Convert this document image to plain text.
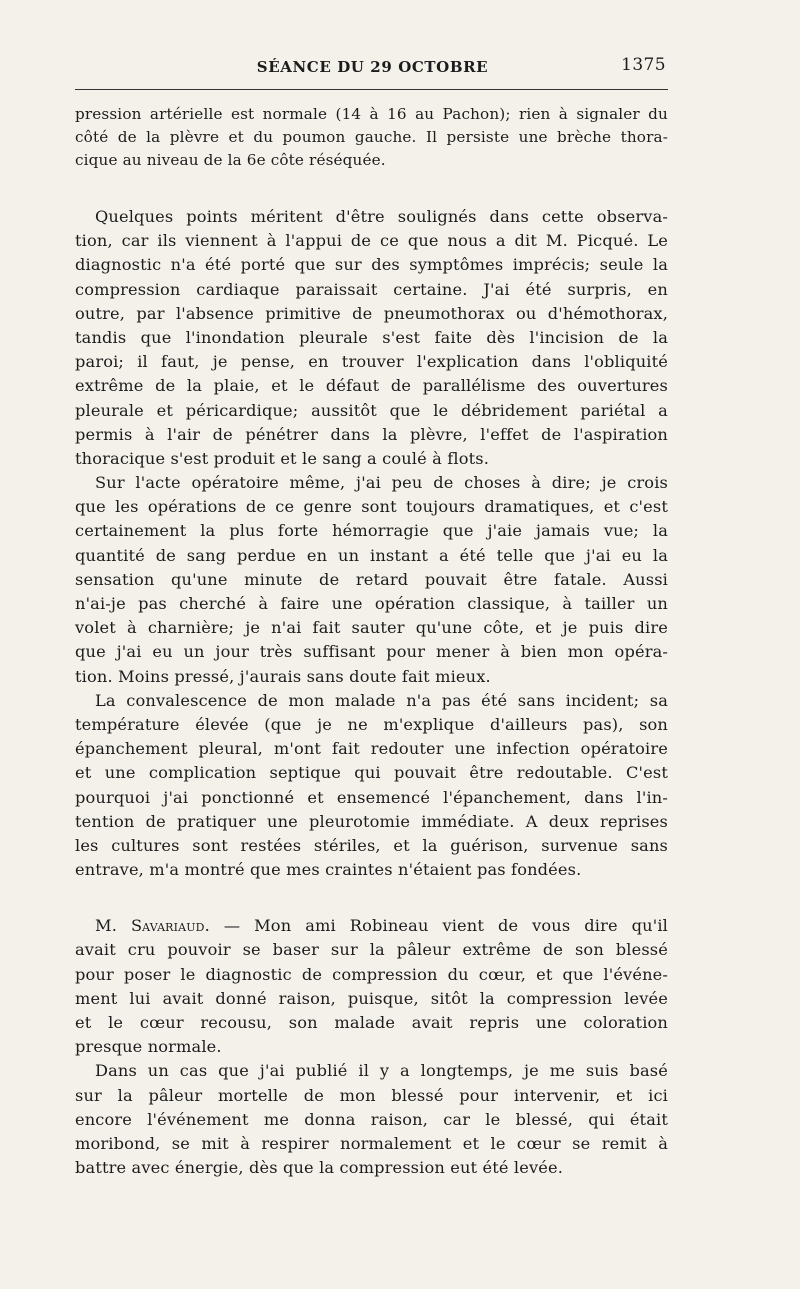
SÉANCE DU 29 OCTOBRE	1375
pression artérielle est normale (14 à 16 au Pachon); rien à signaler du
côté de la plèvre et du poumon gauche. Il persiste une brèche thora-
cique au niveau de la 6e côte réséquée.
Quelques points méritent d'être soulignés dans cette observa-
tion, car ils viennent à l'appui de ce que nous a dit M. Picqué. Le
diagnostic n'a été porté que sur des symptômes imprécis; seule la
compression cardiaque paraissait certaine. J'ai été surpris, en
outre, par l'absence primitive de pneumothorax ou d'hémothorax,
tandis que l'inondation pleurale s'est faite dès l'incision de la
paroi; il faut, je pense, en trouver l'explication dans l'obliquité
extrême de la plaie, et le défaut de parallélisme des ouvertures
pleurale et péricardique; aussitôt que le débridement pariétal a
permis à l'air de pénétrer dans la plèvre, l'effet de l'aspiration
thoracique s'est produit et le sang a coulé à flots.
Sur l'acte opératoire même, j'ai peu de choses à dire; je crois
que les opérations de ce genre sont toujours dramatiques, et c'est
certainement la plus forte hémorragie que j'aie jamais vue; la
quantité de sang perdue en un instant a été telle que j'ai eu la
sensation qu'une minute de retard pouvait être fatale. Aussi
n'ai-je pas cherché à faire une opération classique, à tailler un
volet à charnière; je n'ai fait sauter qu'une côte, et je puis dire
que j'ai eu un jour très suffisant pour mener à bien mon opéra-
tion. Moins pressé, j'aurais sans doute fait mieux.
La convalescence de mon malade n'a pas été sans incident; sa
température élevée (que je ne m'explique d'ailleurs pas), son
épanchement pleural, m'ont fait redouter une infection opératoire
et une complication septique qui pouvait être redoutable. C'est
pourquoi j'ai ponctionné et ensemencé l'épanchement, dans l'in-
tention de pratiquer une pleurotomie immédiate. A deux reprises
les cultures sont restées stériles, et la guérison, survenue sans
entrave, m'a montré que mes craintes n'étaient pas fondées.
M. Savariaud. — Mon ami Robineau vient de vous dire qu'il
avait cru pouvoir se baser sur la pâleur extrême de son blessé
pour poser le diagnostic de compression du cœur, et que l'événe-
ment lui avait donné raison, puisque, sitôt la compression levée
et le cœur recousu, son malade avait repris une coloration
presque normale.
Dans un cas que j'ai publié il y a longtemps, je me suis basé
sur la pâleur mortelle de mon blessé pour intervenir, et ici
encore l'événement me donna raison, car le blessé, qui était
moribond, se mit à respirer normalement et le cœur se remit à
battre avec énergie, dès que la compression eut été levée.
